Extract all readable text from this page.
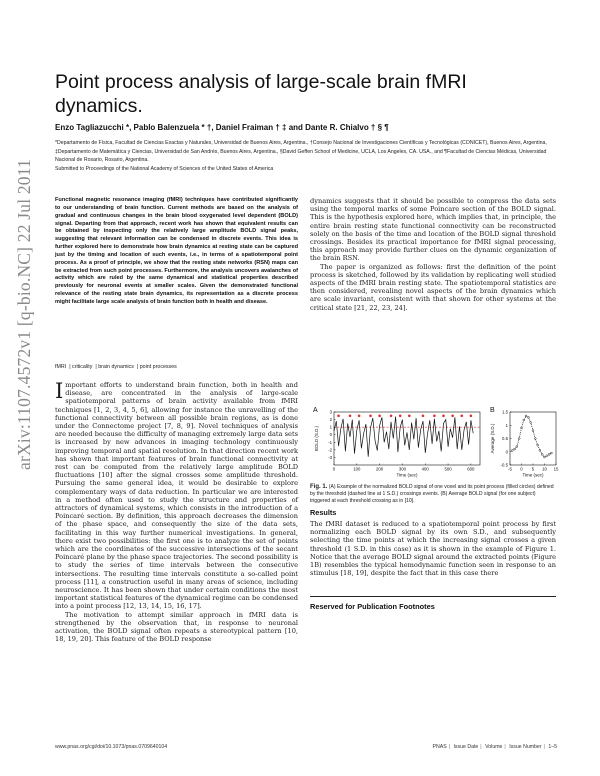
arXiv:1107.4572v1 [q-bio.NC] 22 Jul 2011
Point process analysis of large-scale brain fMRI dynamics.
Enzo Tagliazucchi *, Pablo Balenzuela * †, Daniel Fraiman † ‡ and Dante R. Chialvo † § ¶
*Departamento de Física, Facultad de Ciencias Exactas y Naturales, Universidad de Buenos Aires, Argentina., †Consejo Nacional de Investigaciones Científicas y Tecnológicas (CONICET), Buenos Aires, Argentina, ‡Departamento de Matemática y Ciencias, Universidad de San Andrés, Buenos Aires, Argentina., §David Geffen School of Medicine, UCLA, Los Angeles, CA. USA., and ¶Facultad de Ciencias Médicas, Universidad Nacional de Rosario, Rosario, Argentina.
Submitted to Proceedings of the National Academy of Sciences of the United States of America
Functional magnetic resonance imaging (fMRI) techniques have contributed significantly to our understanding of brain function. Current methods are based on the analysis of gradual and continuous changes in the brain blood oxygenated level dependent (BOLD) signal. Departing from that approach, recent work has shown that equivalent results can be obtained by inspecting only the relatively large amplitude BOLD signal peaks, suggesting that relevant information can be condensed in discrete events. This idea is further explored here to demonstrate how brain dynamics at resting state can be captured just by the timing and location of such events, i.e., in terms of a spatiotemporal point process. As a proof of principle, we show that the resting state networks (RSN) maps can be extracted from such point processes. Furthermore, the analysis uncovers avalanches of activity which are ruled by the same dynamical and statistical properties described previously for neuronal events at smaller scales. Given the demonstrated functional relevance of the resting state brain dynamics, its representation as a discrete process might facilitate large scale analysis of brain function both in health and disease.
fMRI | criticality | brain dynamics | point processes

Important efforts to understand brain function, both in health and disease, are concentrated in the analysis of large-scale spatiotemporal patterns of brain activity available from fMRI techniques [1, 2, 3, 4, 5, 6], allowing for instance the unravelling of the functional connectivity between all possible brain regions, as is done under the Connectome project [7, 8, 9]. Novel techniques of analysis are needed because the difficulty of managing extremely large data sets is increased by new advances in imaging technology continuously improving temporal and spatial resolution. In that direction recent work has shown that important features of brain functional connectivity at rest can be computed from the relatively large amplitude BOLD fluctuations [10] after the signal crosses some amplitude threshold. Pursuing the same general idea, it would be desirable to explore complementary ways of data reduction. In particular we are interested in a method often used to study the structure and properties of attractors of dynamical systems, which consists in the introduction of a Poincaré section. By definition, this approach decreases the dimension of the phase space, and consequently the size of the data sets, facilitating in this way further numerical investigations. In general, there exist two possibilities: the first one is to analyze the set of points which are the coordinates of the successive intersections of the secant Poincaré plane by the phase space trajectories. The second possibility is to study the series of time intervals between the consecutive intersections. The resulting time intervals constitute a so-called point process [11], a construction useful in many areas of science, including neuroscience. It has been shown that under certain conditions the most important statistical features of the dynamical regime can be condensed into a point process [12, 13, 14, 15, 16, 17].

The motivation to attempt similar approach in fMRI data is strengthened by the observation that, in response to neuronal activation, the BOLD signal often repeats a stereotypical pattern [10, 18, 19, 20]. This feature of the BOLD response

dynamics suggests that it should be possible to compress the data sets using the temporal marks of some Poincare section of the BOLD signal. This is the hypothesis explored here, which implies that, in principle, the entire brain resting state functional connectivity can be reconstructed solely on the basis of the time and location of the BOLD signal threshold crossings. Besides its practical importance for fMRI signal processing, this approach may provide further clues on the dynamic organization of the brain RSN.

The paper is organized as follows: first the definition of the point process is sketched, followed by its validation by replicating well studied aspects of the fMRI brain resting state. The spatiotemporal statistics are then considered, revealing novel aspects of the brain dynamics which are scale invariant, consistent with that shown for other systems at the critical state [21, 22, 23, 24].

A
0	100	200	300	400	500	600
-3
-2
-1
0
1
2
3
Time (sec)
BOLD (S.D.)
B
-5 0 5 10 15
-0.5
0
0.5
1
1.5
Time (sec)
Average (S.D.)
Fig. 1. (A) Example of the normalized BOLD signal of one voxel and its point process (filled circles) defined by the threshold (dashed line at 1 S.D.) crossings events. (B) Average BOLD signal (for one subject) triggered at each threshold crossing as in [10].
Results

The fMRI dataset is reduced to a spatiotemporal point process by first normalizing each BOLD signal by its own S.D., and subsequently selecting the time points at which the increasing signal crosses a given threshold (1 S.D. in this case) as it is shown in the example of Figure 1. Notice that the average BOLD signal around the extracted points (Figure 1B) resembles the typical hemodynamic function seen in response to an stimulus [18, 19], despite the fact that in this case there

Reserved for Publication Footnotes
www.pnas.org/cgi/doi/10.1073/pnas.0709640104	PNAS | Issue Date | Volume | Issue Number | 1–5
